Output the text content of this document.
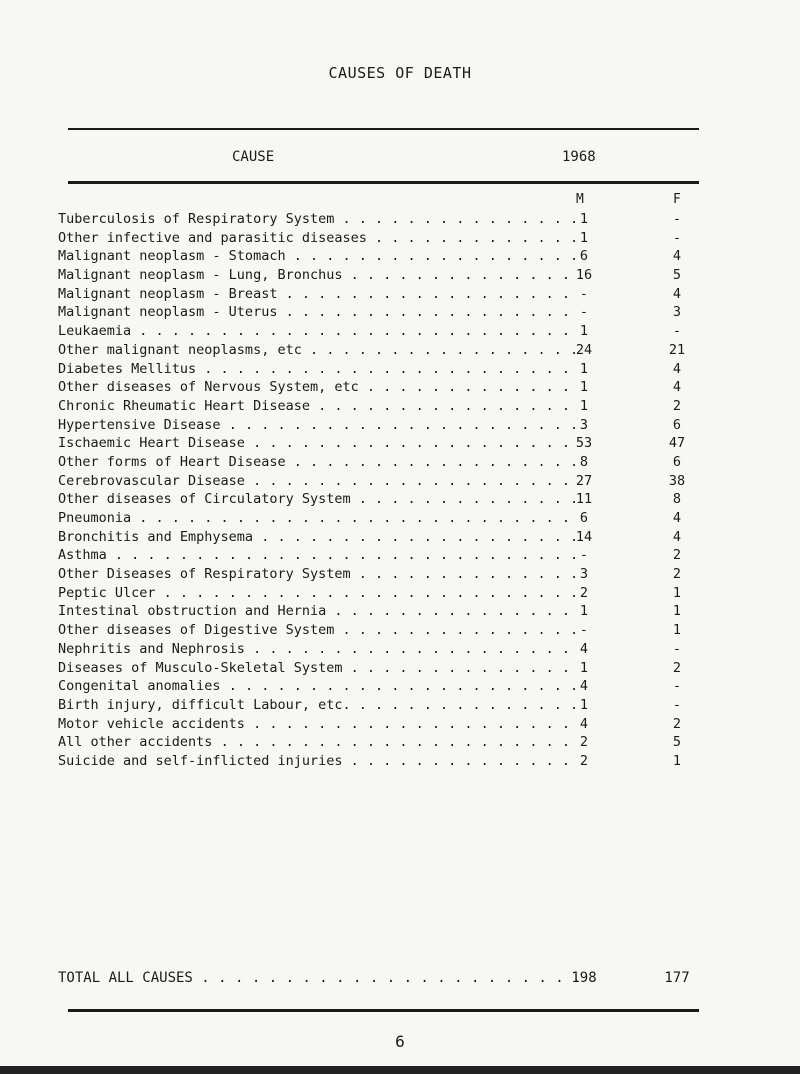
CAUSES OF DEATH
CAUSE	1968
M	F
Tuberculosis of Respiratory System . . .	1	-
Other infective and parasitic diseases . . .	1	-
Malignant neoplasm - Stomach . . .	6	4
Malignant neoplasm - Lung, Bronchus . . .	16	5
Malignant neoplasm - Breast . . .	-	4
Malignant neoplasm - Uterus . . .	-	3
Leukaemia . . .	1	-
Other malignant neoplasms, etc . . .	24	21
Diabetes Mellitus . . .	1	4
Other diseases of Nervous System, etc . . .	1	4
Chronic Rheumatic Heart Disease . . .	1	2
Hypertensive Disease . . .	3	6
Ischaemic Heart Disease . . .	53	47
Other forms of Heart Disease . . .	8	6
Cerebrovascular Disease . . .	27	38
Other diseases of Circulatory System . . .	11	8
Pneumonia . . .	6	4
Bronchitis and Emphysema . . .	14	4
Asthma . . .	-	2
Other Diseases of Respiratory System . . .	3	2
Peptic Ulcer . . .	2	1
Intestinal obstruction and Hernia . . .	1	1
Other diseases of Digestive System . . .	-	1
Nephritis and Nephrosis . . .	4	-
Diseases of Musculo-Skeletal System . . .	1	2
Congenital anomalies . . .	4	-
Birth injury, difficult Labour, etc. . . .	1	-
Motor vehicle accidents . . .	4	2
All other accidents . . .	2	5
Suicide and self-inflicted injuries . . .	2	1
TOTAL ALL CAUSES . . .	198	177
6
